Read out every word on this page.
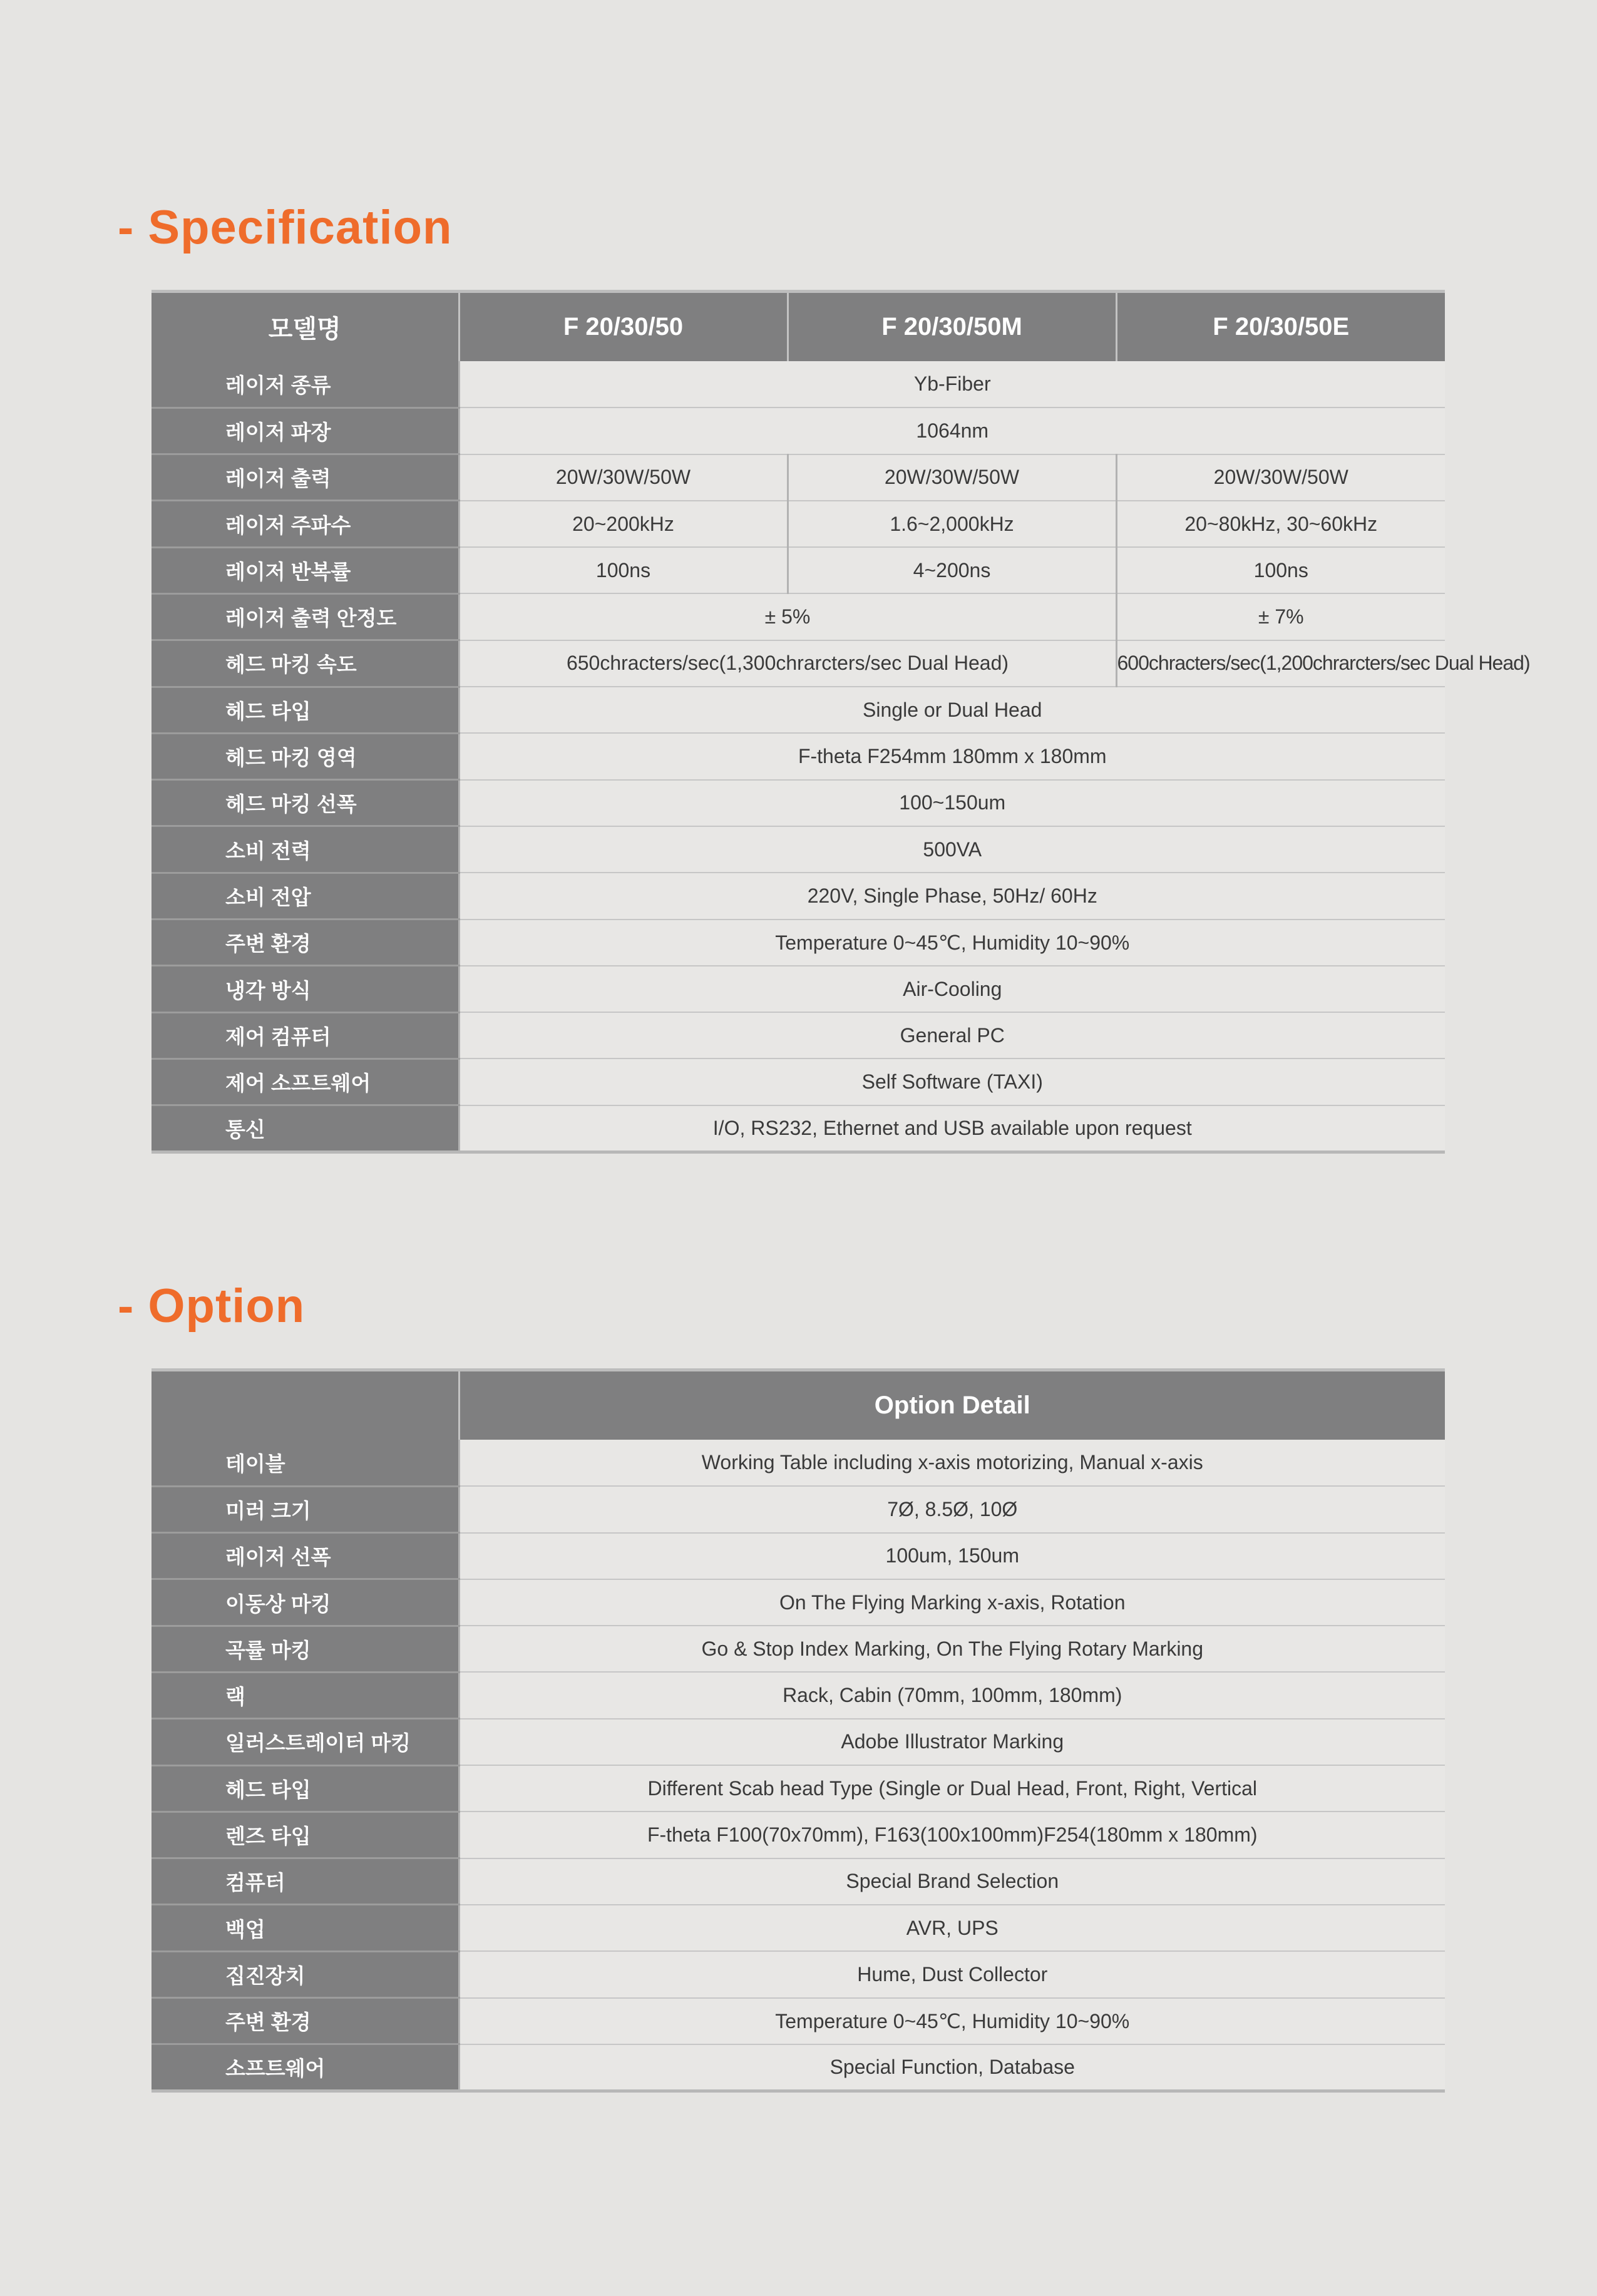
- Specification
모델명	F 20/30/50	F 20/30/50M	F 20/30/50E
레이저 종류	Yb-Fiber		
레이저 파장	1064nm		
레이저 출력	20W/30W/50W	20W/30W/50W	20W/30W/50W
레이저 주파수	20~200kHz	1.6~2,000kHz	20~80kHz, 30~60kHz
레이저 반복률	100ns	4~200ns	100ns
레이저 출력 안정도	± 5%		± 7%
헤드 마킹 속도	650chracters/sec(1,300chrarcters/sec Dual Head)		600chracters/sec(1,200chrarcters/sec Dual Head)
헤드 타입	Single or Dual Head		
헤드 마킹 영역	F-theta F254mm 180mm x 180mm		
헤드 마킹 선폭	100~150um		
소비 전력	500VA		
소비 전압	220V, Single Phase, 50Hz/ 60Hz		
주변 환경	Temperature 0~45℃, Humidity 10~90%		
냉각 방식	Air-Cooling		
제어 컴퓨터	General PC		
제어 소프트웨어	Self Software (TAXI)		
통신	I/O, RS232, Ethernet and USB available upon request		
- Option
	Option Detail
테이블	Working Table including x-axis motorizing, Manual x-axis
미러 크기	7Ø, 8.5Ø, 10Ø
레이저 선폭	100um, 150um
이동상 마킹	On The Flying Marking x-axis, Rotation
곡률 마킹	Go & Stop Index Marking, On The Flying Rotary Marking
랙	Rack, Cabin (70mm, 100mm, 180mm)
일러스트레이터 마킹	Adobe Illustrator Marking
헤드 타입	Different Scab head Type (Single or Dual Head, Front, Right, Vertical
렌즈 타입	F-theta F100(70x70mm), F163(100x100mm)F254(180mm x 180mm)
컴퓨터	Special Brand Selection
백업	AVR, UPS
집진장치	Hume, Dust Collector
주변 환경	Temperature 0~45℃, Humidity 10~90%
소프트웨어	Special Function, Database
